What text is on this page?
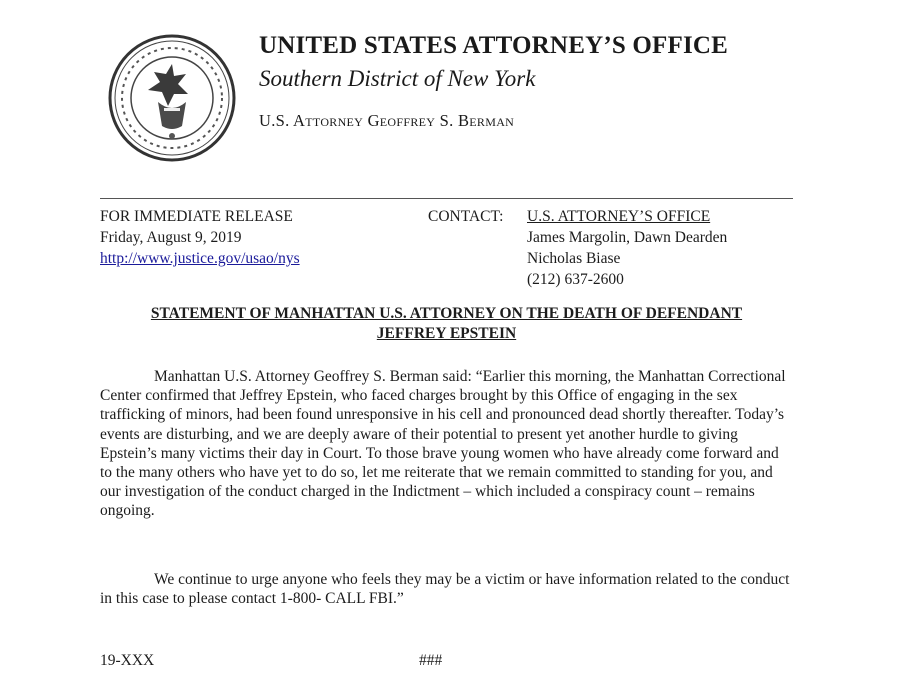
UNITED STATES ATTORNEY’S OFFICE
Southern District of New York
U.S. Attorney Geoffrey S. Berman
FOR IMMEDIATE RELEASE
Friday, August 9, 2019
http://www.justice.gov/usao/nys
CONTACT: U.S. ATTORNEY’S OFFICE
James Margolin, Dawn Dearden
Nicholas Biase
(212) 637-2600
STATEMENT OF MANHATTAN U.S. ATTORNEY ON THE DEATH OF DEFENDANT
JEFFREY EPSTEIN

Manhattan U.S. Attorney Geoffrey S. Berman said: “Earlier this morning, the Manhattan Correctional Center confirmed that Jeffrey Epstein, who faced charges brought by this Office of engaging in the sex trafficking of minors, had been found unresponsive in his cell and pronounced dead shortly thereafter. Today’s events are disturbing, and we are deeply aware of their potential to present yet another hurdle to giving Epstein’s many victims their day in Court. To those brave young women who have already come forward and to the many others who have yet to do so, let me reiterate that we remain committed to standing for you, and our investigation of the conduct charged in the Indictment – which included a conspiracy count – remains ongoing.

We continue to urge anyone who feels they may be a victim or have information related to the conduct in this case to please contact 1-800- CALL FBI.”

19-XXX	###
